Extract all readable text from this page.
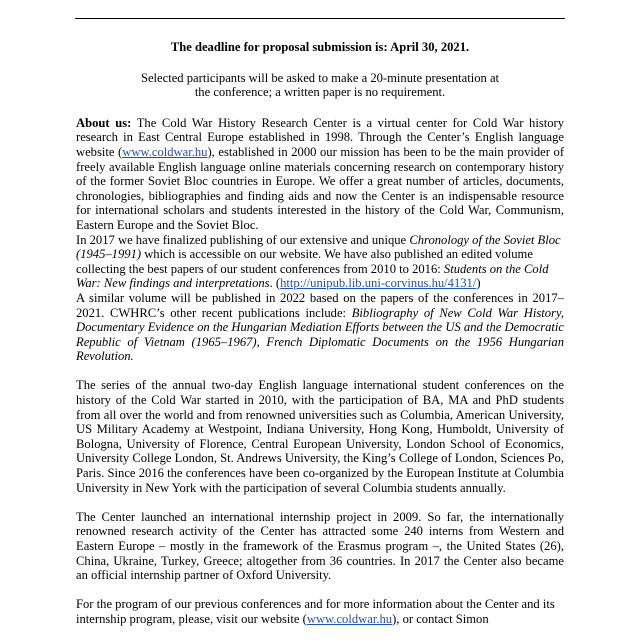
The deadline for proposal submission is: April 30, 2021.

Selected participants will be asked to make a 20-minute presentation at
the conference; a written paper is no requirement.

About us: The Cold War History Research Center is a virtual center for Cold War history research in East Central Europe established in 1998. Through the Center’s English language website (www.coldwar.hu), established in 2000 our mission has been to be the main provider of freely available English language online materials concerning research on contemporary history of the former Soviet Bloc countries in Europe. We offer a great number of articles, documents, chronologies, bibliographies and finding aids and now the Center is an indispensable resource for international scholars and students interested in the history of the Cold War, Communism, Eastern Europe and the Soviet Bloc.

In 2017 we have finalized publishing of our extensive and unique Chronology of the Soviet Bloc (1945–1991) which is accessible on our website. We have also published an edited volume collecting the best papers of our student conferences from 2010 to 2016: Students on the Cold War: New findings and interpretations. (http://unipub.lib.uni-corvinus.hu/4131/)

A similar volume will be published in 2022 based on the papers of the conferences in 2017–2021. CWHRC’s other recent publications include: Bibliography of New Cold War History, Documentary Evidence on the Hungarian Mediation Efforts between the US and the Democratic Republic of Vietnam (1965–1967), French Diplomatic Documents on the 1956 Hungarian Revolution.

The series of the annual two-day English language international student conferences on the history of the Cold War started in 2010, with the participation of BA, MA and PhD students from all over the world and from renowned universities such as Columbia, American University, US Military Academy at Westpoint, Indiana University, Hong Kong, Humboldt, University of Bologna, University of Florence, Central European University, London School of Economics, University College London, St. Andrews University, the King’s College of London, Sciences Po, Paris. Since 2016 the conferences have been co-organized by the European Institute at Columbia University in New York with the participation of several Columbia students annually.

The Center launched an international internship project in 2009. So far, the internationally renowned research activity of the Center has attracted some 240 interns from Western and Eastern Europe – mostly in the framework of the Erasmus program –, the United States (26), China, Ukraine, Turkey, Greece; altogether from 36 countries. In 2017 the Center also became an official internship partner of Oxford University.

For the program of our previous conferences and for more information about the Center and its internship program, please, visit our website (www.coldwar.hu), or contact Simon
